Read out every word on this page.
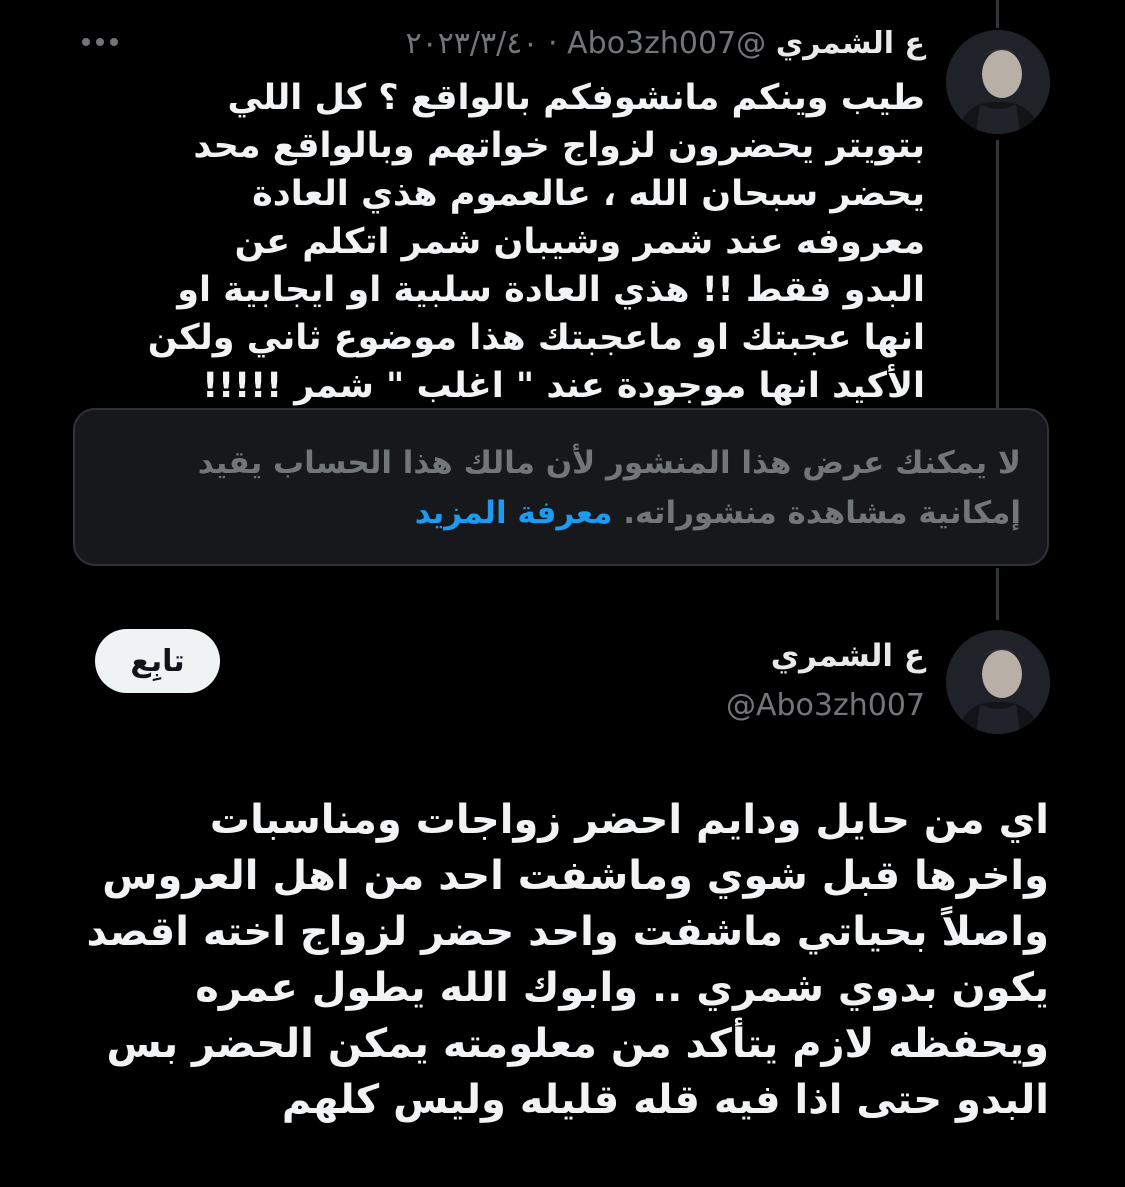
ع الشمري @Abo3zh007 · ٢٠٢٣/٣/٤٠
طيب وينكم مانشوفكم بالواقع ؟ كل اللي بتويتر يحضرون لزواج خواتهم وبالواقع محد يحضر سبحان الله ، عالعموم هذي العادة معروفه عند شمر وشيبان شمر اتكلم عن البدو فقط !! هذي العادة سلبية او ايجابية او انها عجبتك او ماعجبتك هذا موضوع ثاني ولكن الأكيد انها موجودة عند " اغلب " شمر !!!!!
لا يمكنك عرض هذا المنشور لأن مالك هذا الحساب يقيد إمكانية مشاهدة منشوراته. معرفة المزيد
ع الشمري
@Abo3zh007
تابِع
اي من حايل ودايم احضر زواجات ومناسبات واخرها قبل شوي وماشفت احد من اهل العروس واصلاً بحياتي ماشفت واحد حضر لزواج اخته اقصد يكون بدوي شمري .. وابوك الله يطول عمره ويحفظه لازم يتأكد من معلومته يمكن الحضر بس البدو حتى اذا فيه قله قليله وليس كلهم
